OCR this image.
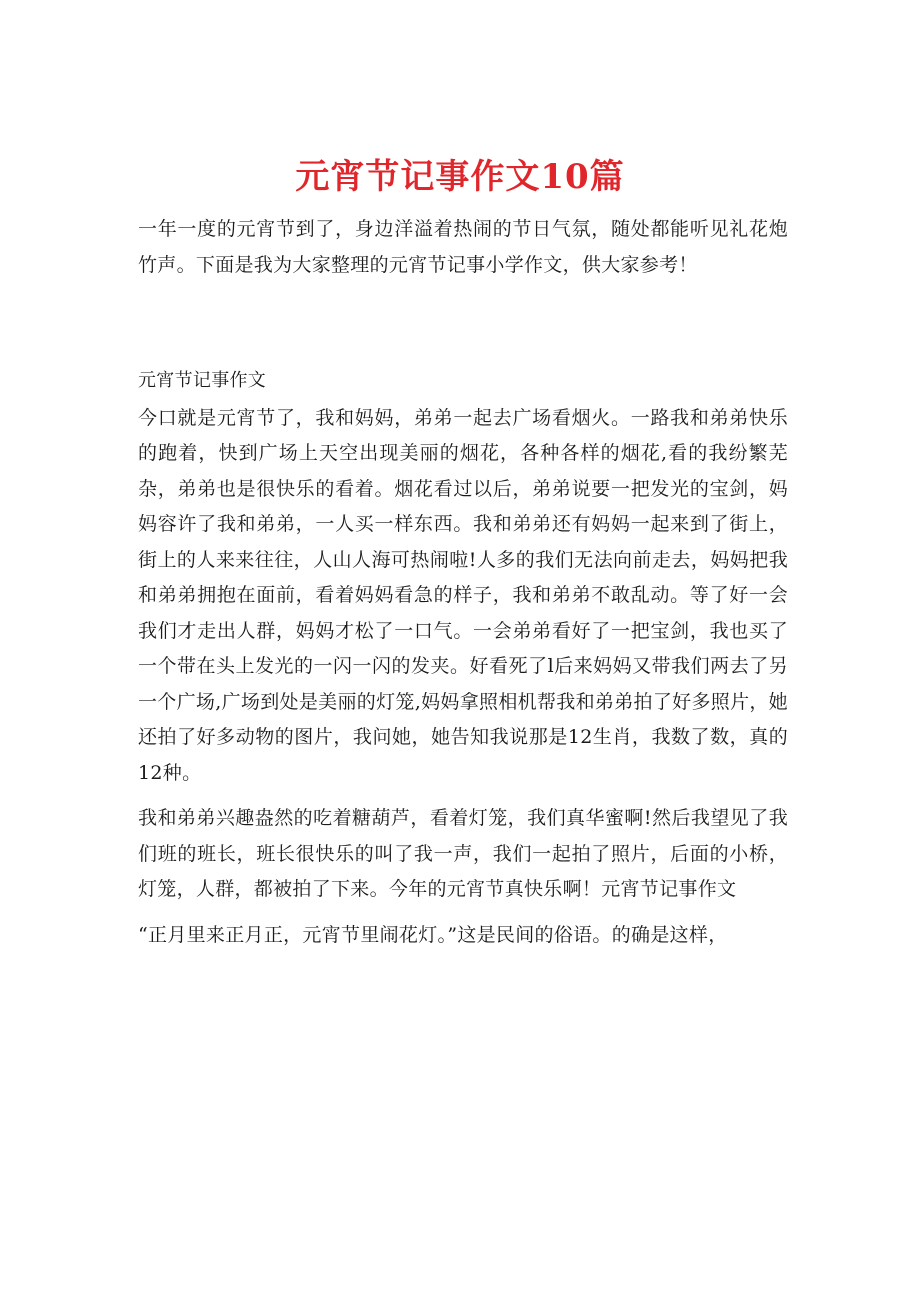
元宵节记事作文10篇

一年一度的元宵节到了，身边洋溢着热闹的节日气氛，随处都能听见礼花炮竹声。下面是我为大家整理的元宵节记事小学作文，供大家参考！

元宵节记事作文

今口就是元宵节了，我和妈妈，弟弟一起去广场看烟火。一路我和弟弟快乐的跑着，快到广场上天空出现美丽的烟花，各种各样的烟花,看的我纷繁芜杂，弟弟也是很快乐的看着。烟花看过以后，弟弟说要一把发光的宝剑，妈妈容许了我和弟弟，一人买一样东西。我和弟弟还有妈妈一起来到了街上，街上的人来来往往，人山人海可热闹啦!人多的我们无法向前走去，妈妈把我和弟弟拥抱在面前，看着妈妈看急的样子，我和弟弟不敢乱动。等了好一会我们才走出人群，妈妈才松了一口气。一会弟弟看好了一把宝剑，我也买了一个带在头上发光的一闪一闪的发夹。好看死了l后来妈妈又带我们两去了另一个广场,广场到处是美丽的灯笼,妈妈拿照相机帮我和弟弟拍了好多照片，她还拍了好多动物的图片，我问她，她告知我说那是12生肖，我数了数，真的12种。

我和弟弟兴趣盎然的吃着糖葫芦，看着灯笼，我们真华蜜啊!然后我望见了我们班的班长，班长很快乐的叫了我一声，我们一起拍了照片，后面的小桥，灯笼，人群，都被拍了下来。今年的元宵节真快乐啊！元宵节记事作文

“正月里来正月正，元宵节里闹花灯。”这是民间的俗语。的确是这样，
